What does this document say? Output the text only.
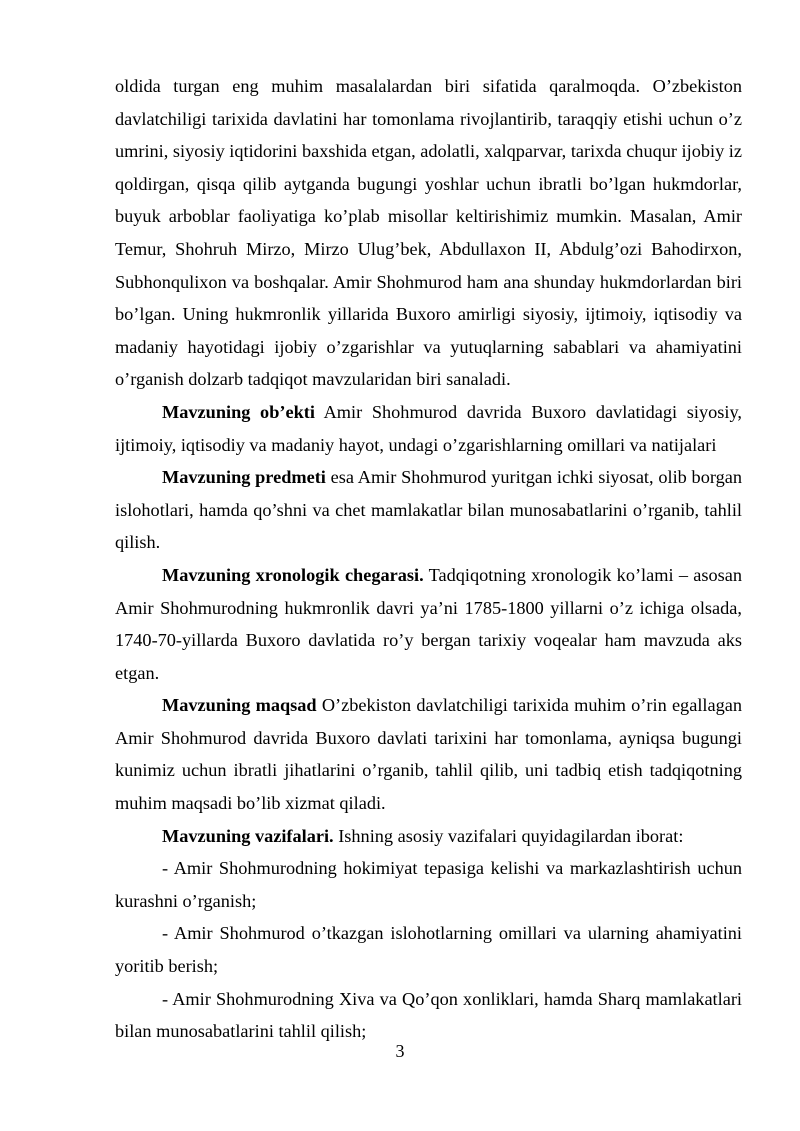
oldida turgan eng muhim masalalardan biri sifatida qaralmoqda. O’zbekiston davlatchiligi tarixida davlatini har tomonlama rivojlantirib, taraqqiy etishi uchun o’z umrini, siyosiy iqtidorini baxshida etgan, adolatli, xalqparvar, tarixda chuqur ijobiy iz qoldirgan, qisqa qilib aytganda bugungi yoshlar uchun ibratli bo’lgan hukmdorlar, buyuk arboblar faoliyatiga ko’plab misollar keltirishimiz mumkin. Masalan, Amir Temur, Shohruh Mirzo, Mirzo Ulug’bek, Abdullaxon II, Abdulg’ozi Bahodirxon, Subhonqulixon va boshqalar. Amir Shohmurod ham ana shunday hukmdorlardan biri bo’lgan. Uning hukmronlik yillarida Buxoro amirligi siyosiy, ijtimoiy, iqtisodiy va madaniy hayotidagi ijobiy o’zgarishlar va yutuqlarning sabablari va ahamiyatini o’rganish dolzarb tadqiqot mavzularidan biri sanaladi.

Mavzuning ob’ekti Amir Shohmurod davrida Buxoro davlatidagi siyosiy, ijtimoiy, iqtisodiy va madaniy hayot, undagi o’zgarishlarning omillari va natijalari

Mavzuning predmeti esa Amir Shohmurod yuritgan ichki siyosat, olib borgan islohotlari, hamda qo’shni va chet mamlakatlar bilan munosabatlarini o’rganib, tahlil qilish.

Mavzuning xronologik chegarasi. Tadqiqotning xronologik ko’lami – asosan Amir Shohmurodning hukmronlik davri ya’ni 1785-1800 yillarni o’z ichiga olsada, 1740-70-yillarda Buxoro davlatida ro’y bergan tarixiy voqealar ham mavzuda aks etgan.

Mavzuning maqsad O’zbekiston davlatchiligi tarixida muhim o’rin egallagan Amir Shohmurod davrida Buxoro davlati tarixini har tomonlama, ayniqsa bugungi kunimiz uchun ibratli jihatlarini o’rganib, tahlil qilib, uni tadbiq etish tadqiqotning muhim maqsadi bo’lib xizmat qiladi.

Mavzuning vazifalari. Ishning asosiy vazifalari quyidagilardan iborat:

- Amir Shohmurodning hokimiyat tepasiga kelishi va markazlashtirish uchun kurashni o’rganish;

- Amir Shohmurod o’tkazgan islohotlarning omillari va ularning ahamiyatini yoritib berish;

- Amir Shohmurodning Xiva va Qo’qon xonliklari, hamda Sharq mamlakatlari bilan munosabatlarini tahlil qilish;

3
